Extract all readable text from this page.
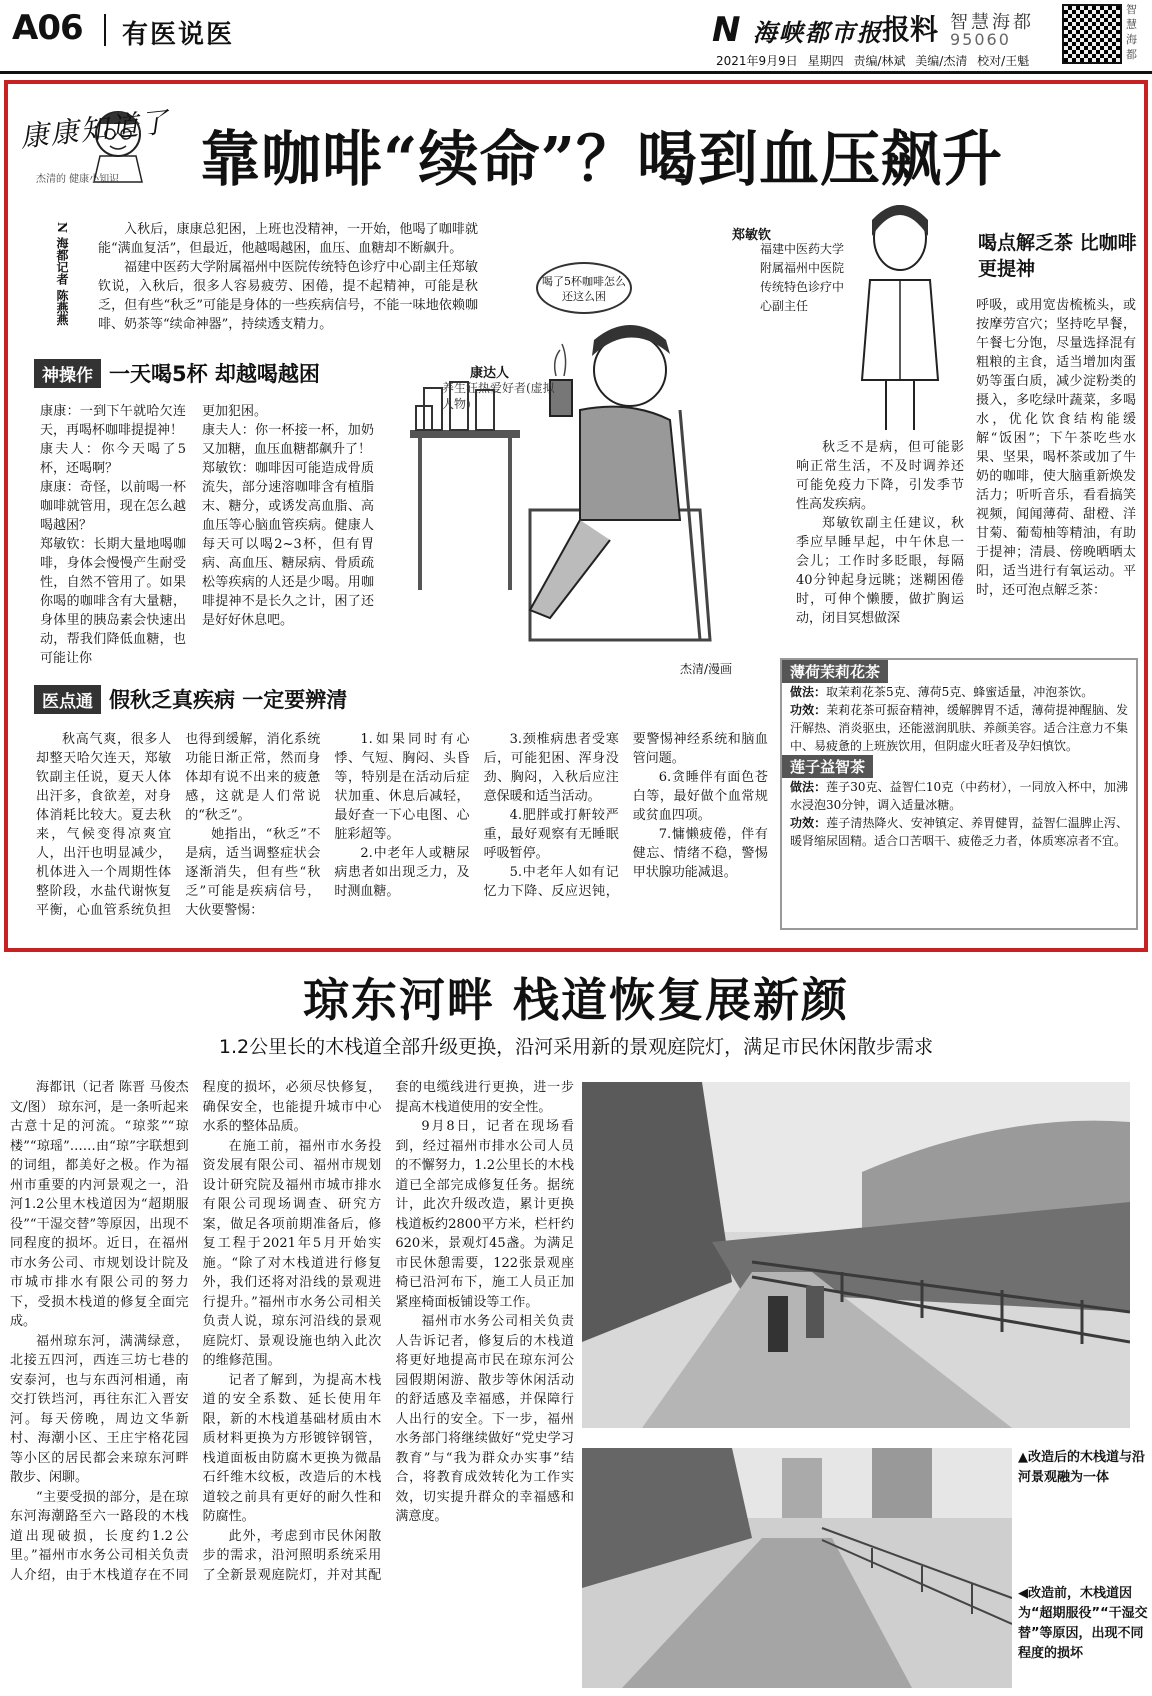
A06 有医说医	N 海峡都市报 报料 智慧海都
95060
2021年9月9日 星期四 责编/林斌 美编/杰清 校对/王魁
智慧海都
康康知道了
杰清的 健康小知识 靠咖啡“续命”？喝到血压飙升
N 海都记者 陈燕燕	入秋后，康康总犯困，上班也没精神，一开始，他喝了咖啡就能“满血复活”，但最近，他越喝越困，血压、血糖却不断飙升。

福建中医药大学附属福州中医院传统特色诊疗中心副主任郑敏钦说，入秋后，很多人容易疲劳、困倦，提不起精神，可能是秋乏，但有些“秋乏”可能是身体的一些疾病信号，不能一味地依赖咖啡、奶茶等“续命神器”，持续透支精力。

神操作 一天喝5杯 却越喝越困

康康：一到下午就哈欠连天，再喝杯咖啡提提神！

康夫人：你今天喝了5杯，还喝啊？

康康：奇怪，以前喝一杯咖啡就管用，现在怎么越喝越困？

郑敏钦：长期大量地喝咖啡，身体会慢慢产生耐受性，自然不管用了。如果你喝的咖啡含有大量糖，身体里的胰岛素会快速出动，帮我们降低血糖，也可能让你

更加犯困。

康夫人：你一杯接一杯，加奶又加糖，血压血糖都飙升了！

郑敏钦：咖啡因可能造成骨质流失，部分速溶咖啡含有植脂末、糖分，或诱发高血脂、高血压等心脑血管疾病。健康人每天可以喝2~3杯，但有胃病、高血压、糖尿病、骨质疏松等疾病的人还是少喝。用咖啡提神不是长久之计，困了还是好好休息吧。

喝了5杯咖啡怎么还这么困
康达人
养生狂热爱好者(虚拟人物)
杰清/漫画
郑敏钦
福建中医药大学附属福州中医院传统特色诊疗中心副主任
喝点解乏茶 比咖啡更提神
呼吸，或用宽齿梳梳头，或按摩劳宫穴；坚持吃早餐，午餐七分饱，尽量选择混有粗粮的主食，适当增加肉蛋奶等蛋白质，减少淀粉类的摄入，多吃绿叶蔬菜，多喝水，优化饮食结构能缓解“饭困”；下午茶吃些水果、坚果，喝杯茶或加了牛奶的咖啡，使大脑重新焕发活力；听听音乐，看看搞笑视频，闻闻薄荷、甜橙、洋甘菊、葡萄柚等精油，有助于提神；清晨、傍晚晒晒太阳，适当进行有氧运动。平时，还可泡点解乏茶：

秋乏不是病，但可能影响正常生活，不及时调养还可能免疫力下降，引发季节性高发疾病。

郑敏钦副主任建议，秋季应早睡早起，中午休息一会儿；工作时多眨眼，每隔40分钟起身远眺；迷糊困倦时，可伸个懒腰，做扩胸运动，闭目冥想做深

薄荷茉莉花茶

做法：取茉莉花茶5克、薄荷5克、蜂蜜适量，冲泡茶饮。

功效：茉莉花茶可振奋精神，缓解脾胃不适，薄荷提神醒脑、发汗解热、消炎驱虫，还能滋润肌肤、养颜美容。适合注意力不集中、易疲惫的上班族饮用，但阴虚火旺者及孕妇慎饮。

莲子益智茶

做法：莲子30克、益智仁10克（中药材），一同放入杯中，加沸水浸泡30分钟，调入适量冰糖。

功效：莲子清热降火、安神镇定、养胃健胃，益智仁温脾止泻、暖肾缩尿固精。适合口苦咽干、疲倦乏力者，体质寒凉者不宜。

医点通 假秋乏真疾病 一定要辨清

秋高气爽，很多人却整天哈欠连天，郑敏钦副主任说，夏天人体出汗多，食欲差，对身体消耗比较大。夏去秋来，气候变得凉爽宜人，出汗也明显减少，机体进入一个周期性体整阶段，水盐代谢恢复平衡，心血管系统负担也得到缓解，消化系统功能日渐正常，然而身体却有说不出来的疲惫感，这就是人们常说的“秋乏”。

她指出，“秋乏”不是病，适当调整症状会逐渐消失，但有些“秋乏”可能是疾病信号，大伙要警惕：

1.如果同时有心悸、气短、胸闷、头昏等，特别是在活动后症状加重、休息后减轻，最好查一下心电图、心脏彩超等。

2.中老年人或糖尿病患者如出现乏力，及时测血糖。

3.颈椎病患者受寒后，可能犯困、浑身没劲、胸闷，入秋后应注意保暖和适当活动。

4.肥胖或打鼾较严重，最好观察有无睡眠呼吸暂停。

5.中老年人如有记忆力下降、反应迟钝，要警惕神经系统和脑血管问题。

6.贪睡伴有面色苍白等，最好做个血常规或贫血四项。

7.慵懒疲倦，伴有健忘、情绪不稳，警惕甲状腺功能减退。

琼东河畔 栈道恢复展新颜
1.2公里长的木栈道全部升级更换，沿河采用新的景观庭院灯，满足市民休闲散步需求

海都讯（记者 陈晋 马俊杰 文/图） 琼东河，是一条听起来古意十足的河流。“琼浆”“琼楼”“琼瑶”……由“琼”字联想到的词组，都美好之极。作为福州市重要的内河景观之一，沿河1.2公里木栈道因为“超期服役”“干湿交替”等原因，出现不同程度的损坏。近日，在福州市水务公司、市规划设计院及市城市排水有限公司的努力下，受损木栈道的修复全面完成。

福州琼东河，满满绿意，北接五四河，西连三坊七巷的安泰河，也与东西河相通，南交打铁垱河，再往东汇入晋安河。每天傍晚，周边文华新村、海潮小区、王庄宇格花园等小区的居民都会来琼东河畔散步、闲聊。

“主要受损的部分，是在琼东河海潮路至六一路段的木栈道出现破损，长度约1.2公里。”福州市水务公司相关负责人介绍，由于木栈道存在不同程度的损坏，必须尽快修复，确保安全，也能提升城市中心水系的整体品质。

在施工前，福州市水务投资发展有限公司、福州市规划设计研究院及福州市城市排水有限公司现场调查、研究方案，做足各项前期准备后，修复工程于2021年5月开始实施。“除了对木栈道进行修复外，我们还将对沿线的景观进行提升。”福州市水务公司相关负责人说，琼东河沿线的景观庭院灯、景观设施也纳入此次的维修范围。

记者了解到，为提高木栈道的安全系数、延长使用年限，新的木栈道基础材质由木质材料更换为方形镀锌钢管，栈道面板由防腐木更换为微晶石纤维木纹板，改造后的木栈道较之前具有更好的耐久性和防腐性。

此外，考虑到市民休闲散步的需求，沿河照明系统采用了全新景观庭院灯，并对其配套的电缆线进行更换，进一步提高木栈道使用的安全性。

9月8日，记者在现场看到，经过福州市排水公司人员的不懈努力，1.2公里长的木栈道已全部完成修复任务。据统计，此次升级改造，累计更换栈道板约2800平方米，栏杆约620米，景观灯45盏。为满足市民休憩需要，122张景观座椅已沿河布下，施工人员正加紧座椅面板铺设等工作。

福州市水务公司相关负责人告诉记者，修复后的木栈道将更好地提高市民在琼东河公园假期闲游、散步等休闲活动的舒适感及幸福感，并保障行人出行的安全。下一步，福州水务部门将继续做好“党史学习教育”与“我为群众办实事”结合，将教育成效转化为工作实效，切实提升群众的幸福感和满意度。

▲改造后的木栈道与沿河景观融为一体
◀改造前，木栈道因为“超期服役”“干湿交替”等原因，出现不同程度的损坏
